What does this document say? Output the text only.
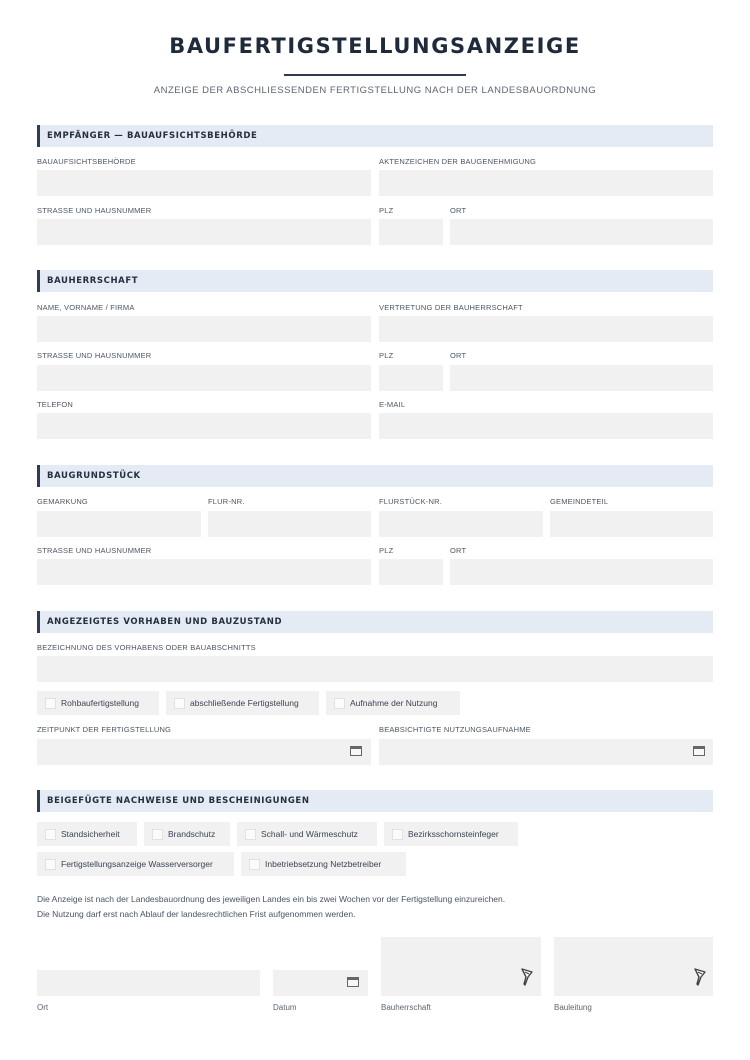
BAUFERTIGSTELLUNGSANZEIGE
ANZEIGE DER ABSCHLIESSENDEN FERTIGSTELLUNG NACH DER LANDESBAUORDNUNG
EMPFÄNGER — BAUAUFSICHTSBEHÖRDE
BAUAUFSICHTSBEHÖRDE	AKTENZEICHEN DER BAUGENEHMIGUNG
STRASSE UND HAUSNUMMER	PLZ	ORT
BAUHERRSCHAFT
NAME, VORNAME / FIRMA	VERTRETUNG DER BAUHERRSCHAFT
STRASSE UND HAUSNUMMER	PLZ	ORT
TELEFON	E-MAIL
BAUGRUNDSTÜCK
GEMARKUNG	FLUR-NR.	FLURSTÜCK-NR.	GEMEINDETEIL
STRASSE UND HAUSNUMMER	PLZ	ORT
ANGEZEIGTES VORHABEN UND BAUZUSTAND
BEZEICHNUNG DES VORHABENS ODER BAUABSCHNITTS
Rohbaufertigstellung	abschließende Fertigstellung	Aufnahme der Nutzung
ZEITPUNKT DER FERTIGSTELLUNG	BEABSICHTIGTE NUTZUNGSAUFNAHME
BEIGEFÜGTE NACHWEISE UND BESCHEINIGUNGEN
Standsicherheit	Brandschutz	Schall- und Wärmeschutz	Bezirksschornsteinfeger
Fertigstellungsanzeige Wasserversorger	Inbetriebsetzung Netzbetreiber
Die Anzeige ist nach der Landesbauordnung des jeweiligen Landes ein bis zwei Wochen vor der Fertigstellung einzureichen.
Die Nutzung darf erst nach Ablauf der landesrechtlichen Frist aufgenommen werden.
Ort	Datum	Bauherrschaft	Bauleitung
